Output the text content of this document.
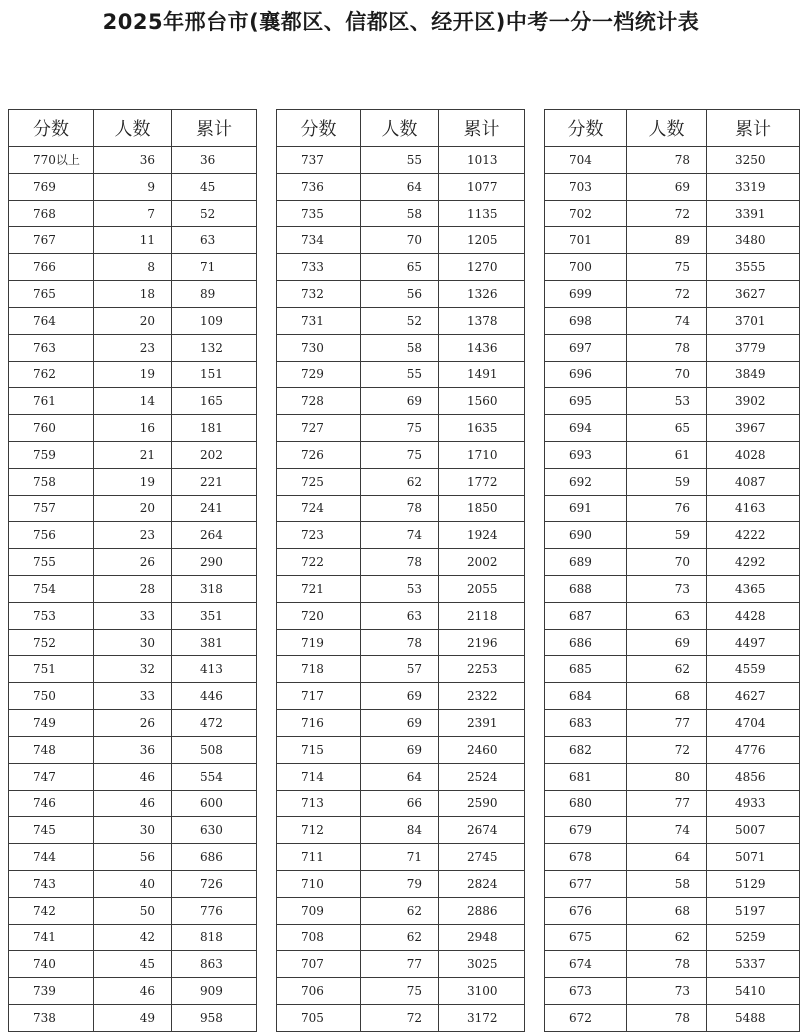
2025年邢台市(襄都区、信都区、经开区)中考一分一档统计表
分数	人数	累计
770以上	36	36
769	9	45
768	7	52
767	11	63
766	8	71
765	18	89
764	20	109
763	23	132
762	19	151
761	14	165
760	16	181
759	21	202
758	19	221
757	20	241
756	23	264
755	26	290
754	28	318
753	33	351
752	30	381
751	32	413
750	33	446
749	26	472
748	36	508
747	46	554
746	46	600
745	30	630
744	56	686
743	40	726
742	50	776
741	42	818
740	45	863
739	46	909
738	49	958
分数	人数	累计
737	55	1013
736	64	1077
735	58	1135
734	70	1205
733	65	1270
732	56	1326
731	52	1378
730	58	1436
729	55	1491
728	69	1560
727	75	1635
726	75	1710
725	62	1772
724	78	1850
723	74	1924
722	78	2002
721	53	2055
720	63	2118
719	78	2196
718	57	2253
717	69	2322
716	69	2391
715	69	2460
714	64	2524
713	66	2590
712	84	2674
711	71	2745
710	79	2824
709	62	2886
708	62	2948
707	77	3025
706	75	3100
705	72	3172
分数	人数	累计
704	78	3250
703	69	3319
702	72	3391
701	89	3480
700	75	3555
699	72	3627
698	74	3701
697	78	3779
696	70	3849
695	53	3902
694	65	3967
693	61	4028
692	59	4087
691	76	4163
690	59	4222
689	70	4292
688	73	4365
687	63	4428
686	69	4497
685	62	4559
684	68	4627
683	77	4704
682	72	4776
681	80	4856
680	77	4933
679	74	5007
678	64	5071
677	58	5129
676	68	5197
675	62	5259
674	78	5337
673	73	5410
672	78	5488
